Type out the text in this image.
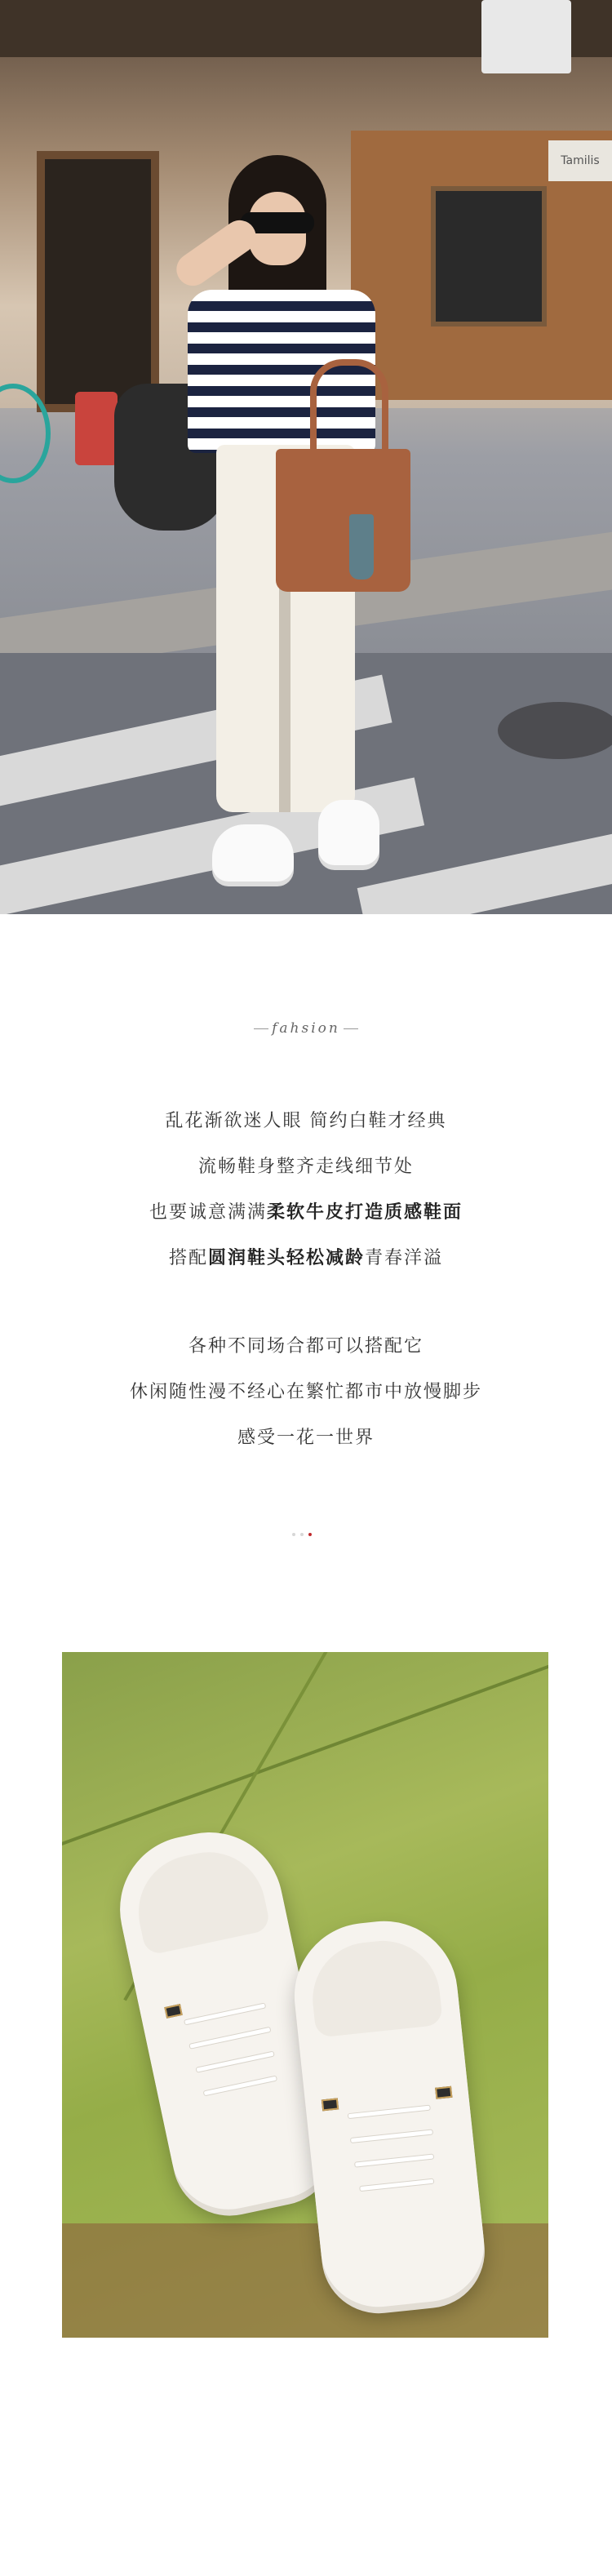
Tamilis
fahsion
乱花渐欲迷人眼 简约白鞋才经典
流畅鞋身整齐走线细节处
也要诚意满满柔软牛皮打造质感鞋面
搭配圆润鞋头轻松减龄青春洋溢
各种不同场合都可以搭配它
休闲随性漫不经心在繁忙都市中放慢脚步
感受一花一世界
